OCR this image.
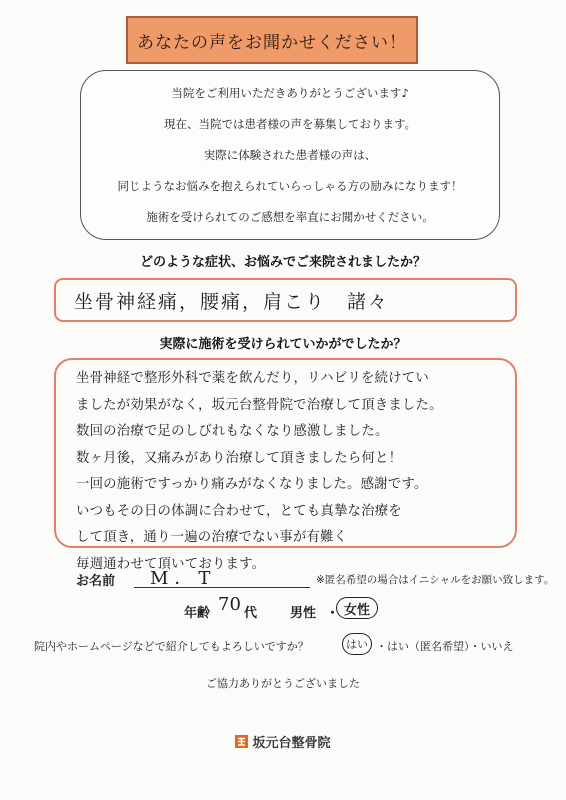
あなたの声をお聞かせください！
当院をご利用いただきありがとうございます♪
現在、当院では患者様の声を募集しております。
実際に体験された患者様の声は、
同じようなお悩みを抱えられていらっしゃる方の励みになります！
施術を受けられてのご感想を率直にお聞かせください。
どのような症状、お悩みでご来院されましたか？
坐骨神経痛，腰痛，肩こり　諸々
実際に施術を受けられていかがでしたか？
坐骨神経で整形外科で薬を飲んだり，リハビリを続けてい
ましたが効果がなく，坂元台整骨院で治療して頂きました。
数回の治療で足のしびれもなくなり感激しました。
数ヶ月後，又痛みがあり治療して頂きましたら何と！
一回の施術ですっかり痛みがなくなりました。感謝です。
いつもその日の体調に合わせて，とても真摯な治療を
して頂き，通り一遍の治療でない事が有難く
毎週通わせて頂いております。
お名前	M．T	※匿名希望の場合はイニシャルをお願い致します。
年齢 70 代	男性 ・ 女性
院内やホームページなどで紹介してもよろしいですか？	はい ・はい（匿名希望）・いいえ
ご協力ありがとうございました
坂元台整骨院
